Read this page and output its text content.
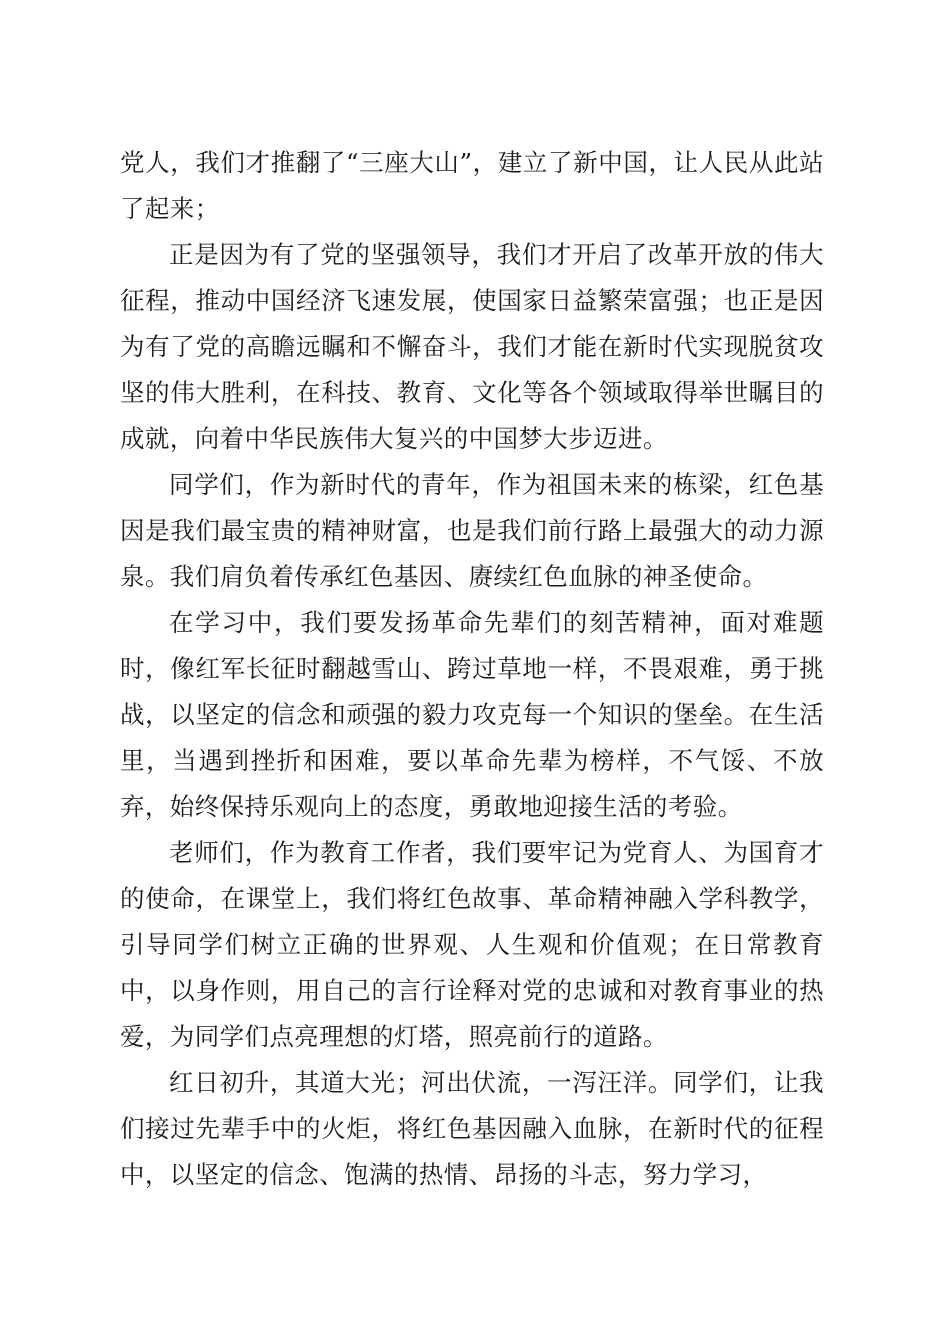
党人，我们才推翻了“三座大山”，建立了新中国，让人民从此站了起来；

正是因为有了党的坚强领导，我们才开启了改革开放的伟大征程，推动中国经济飞速发展，使国家日益繁荣富强；也正是因为有了党的高瞻远瞩和不懈奋斗，我们才能在新时代实现脱贫攻坚的伟大胜利，在科技、教育、文化等各个领域取得举世瞩目的成就，向着中华民族伟大复兴的中国梦大步迈进。

同学们，作为新时代的青年，作为祖国未来的栋梁，红色基因是我们最宝贵的精神财富，也是我们前行路上最强大的动力源泉。我们肩负着传承红色基因、赓续红色血脉的神圣使命。

在学习中，我们要发扬革命先辈们的刻苦精神，面对难题时，像红军长征时翻越雪山、跨过草地一样，不畏艰难，勇于挑战，以坚定的信念和顽强的毅力攻克每一个知识的堡垒。在生活里，当遇到挫折和困难，要以革命先辈为榜样，不气馁、不放弃，始终保持乐观向上的态度，勇敢地迎接生活的考验。

老师们，作为教育工作者，我们要牢记为党育人、为国育才的使命，在课堂上，我们将红色故事、革命精神融入学科教学，引导同学们树立正确的世界观、人生观和价值观；在日常教育中，以身作则，用自己的言行诠释对党的忠诚和对教育事业的热爱，为同学们点亮理想的灯塔，照亮前行的道路。

红日初升，其道大光；河出伏流，一泻汪洋。同学们，让我们接过先辈手中的火炬，将红色基因融入血脉，在新时代的征程中，以坚定的信念、饱满的热情、昂扬的斗志，努力学习，
